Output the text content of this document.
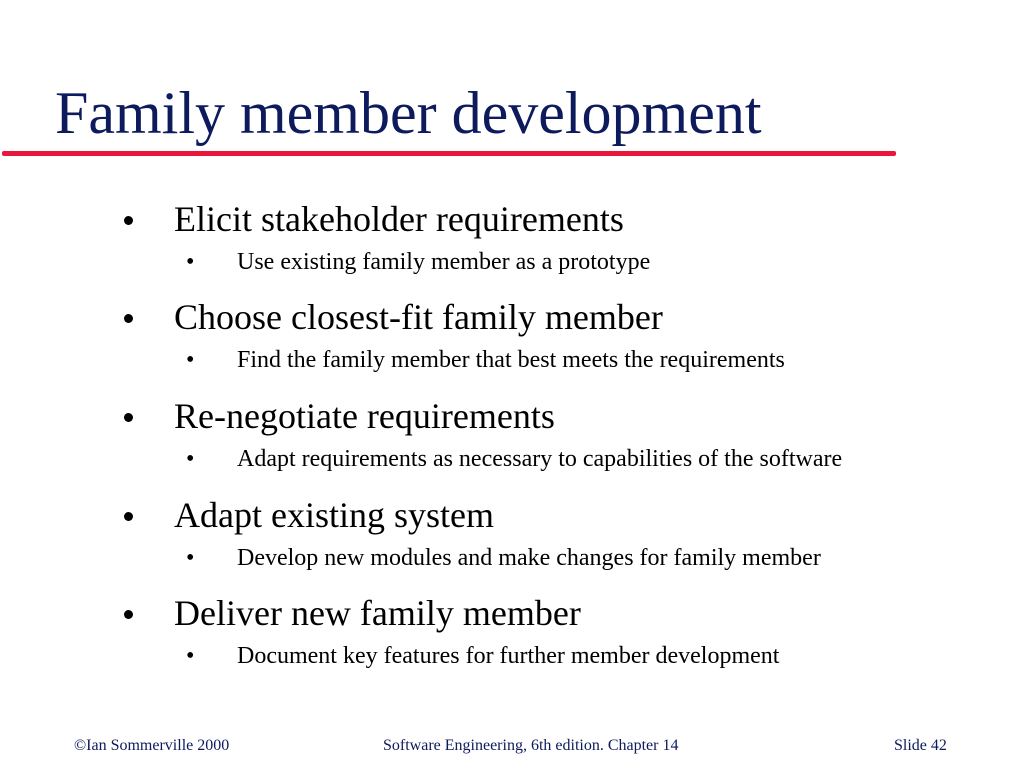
Family member development
Elicit stakeholder requirements
• Use existing family member as a prototype
Choose closest-fit family member
• Find the family member that best meets the requirements
Re-negotiate requirements
• Adapt requirements as necessary to capabilities of the software
Adapt existing system
• Develop new modules and make changes for family member
Deliver new family member
• Document key features for further member development
©Ian Sommerville 2000	Software Engineering, 6th edition. Chapter 14	Slide 42
